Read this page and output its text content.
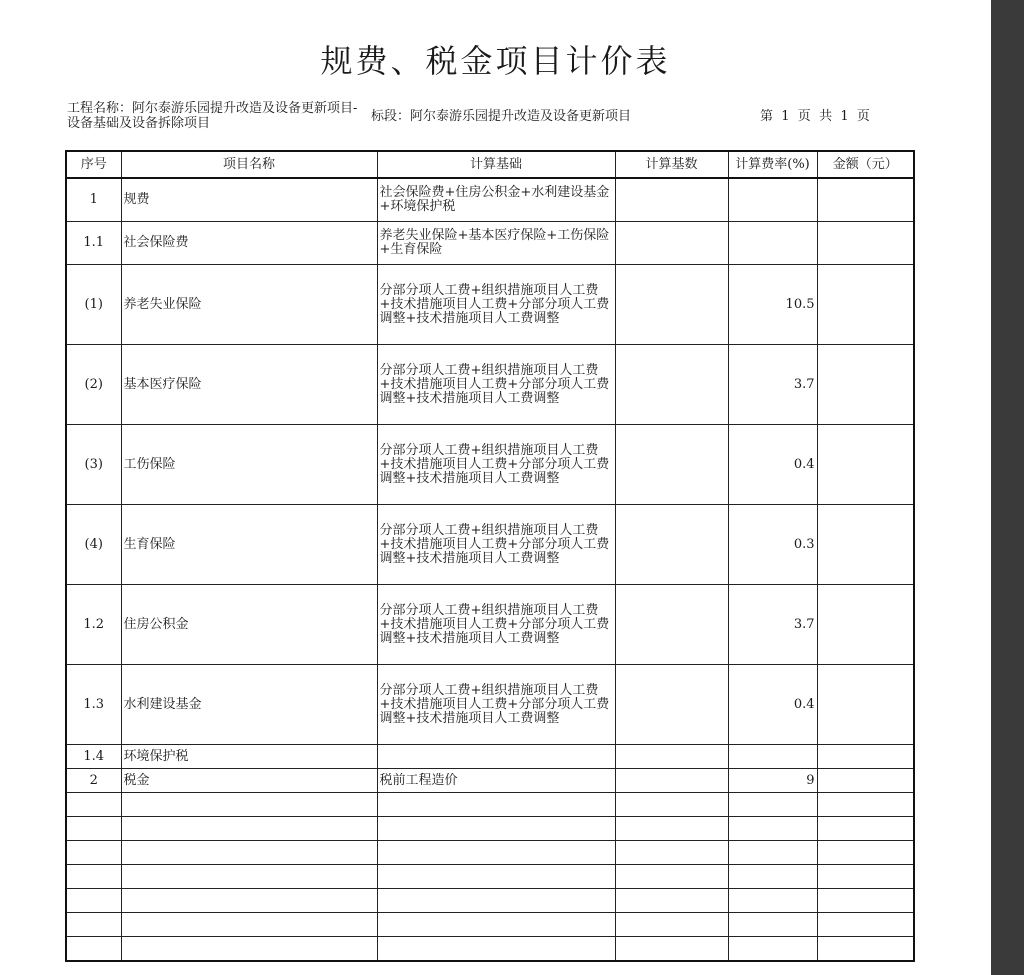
规费、税金项目计价表
工程名称：阿尔泰游乐园提升改造及设备更新项目-设备基础及设备拆除项目	标段：阿尔泰游乐园提升改造及设备更新项目	第  1  页  共  1  页
序号	项目名称	计算基础	计算基数	计算费率(%)	金额（元）
1	规费	社会保险费+住房公积金+水利建设基金+环境保护税			
1.1	社会保险费	养老失业保险+基本医疗保险+工伤保险+生育保险			
(1)	养老失业保险	分部分项人工费+组织措施项目人工费+技术措施项目人工费+分部分项人工费调整+技术措施项目人工费调整		10.5	
(2)	基本医疗保险	分部分项人工费+组织措施项目人工费+技术措施项目人工费+分部分项人工费调整+技术措施项目人工费调整		3.7	
(3)	工伤保险	分部分项人工费+组织措施项目人工费+技术措施项目人工费+分部分项人工费调整+技术措施项目人工费调整		0.4	
(4)	生育保险	分部分项人工费+组织措施项目人工费+技术措施项目人工费+分部分项人工费调整+技术措施项目人工费调整		0.3	
1.2	住房公积金	分部分项人工费+组织措施项目人工费+技术措施项目人工费+分部分项人工费调整+技术措施项目人工费调整		3.7	
1.3	水利建设基金	分部分项人工费+组织措施项目人工费+技术措施项目人工费+分部分项人工费调整+技术措施项目人工费调整		0.4	
1.4	环境保护税				
2	税金	税前工程造价		9	
